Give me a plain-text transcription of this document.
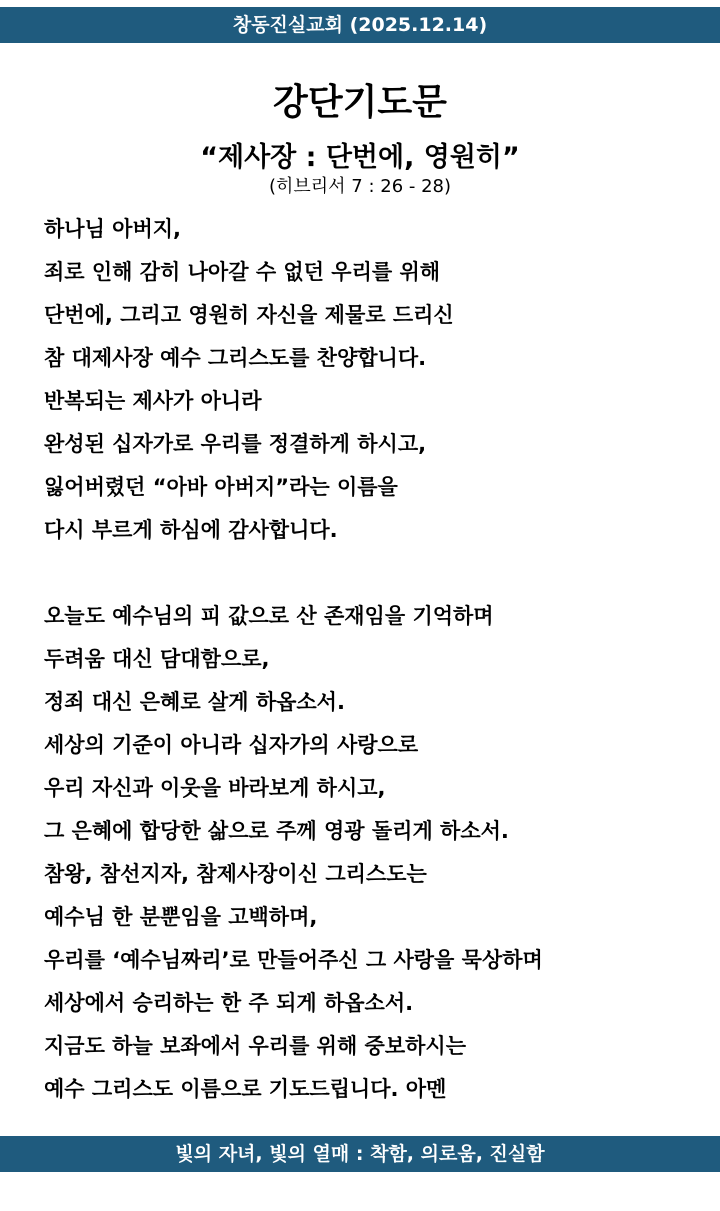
창동진실교회 (2025.12.14)
강단기도문
“제사장 : 단번에, 영원히”
(히브리서 7 : 26 - 28)
하나님 아버지,
죄로 인해 감히 나아갈 수 없던 우리를 위해
단번에, 그리고 영원히 자신을 제물로 드리신
참 대제사장 예수 그리스도를 찬양합니다.
반복되는 제사가 아니라
완성된 십자가로 우리를 정결하게 하시고,
잃어버렸던 “아바 아버지”라는 이름을
다시 부르게 하심에 감사합니다.
오늘도 예수님의 피 값으로 산 존재임을 기억하며
두려움 대신 담대함으로,
정죄 대신 은혜로 살게 하옵소서.
세상의 기준이 아니라 십자가의 사랑으로
우리 자신과 이웃을 바라보게 하시고,
그 은혜에 합당한 삶으로 주께 영광 돌리게 하소서.
참왕, 참선지자, 참제사장이신 그리스도는
예수님 한 분뿐임을 고백하며,
우리를 ‘예수님짜리’로 만들어주신 그 사랑을 묵상하며
세상에서 승리하는 한 주 되게 하옵소서.
지금도 하늘 보좌에서 우리를 위해 중보하시는
예수 그리스도 이름으로 기도드립니다. 아멘
빛의 자녀, 빛의 열매 : 착함, 의로움, 진실함
